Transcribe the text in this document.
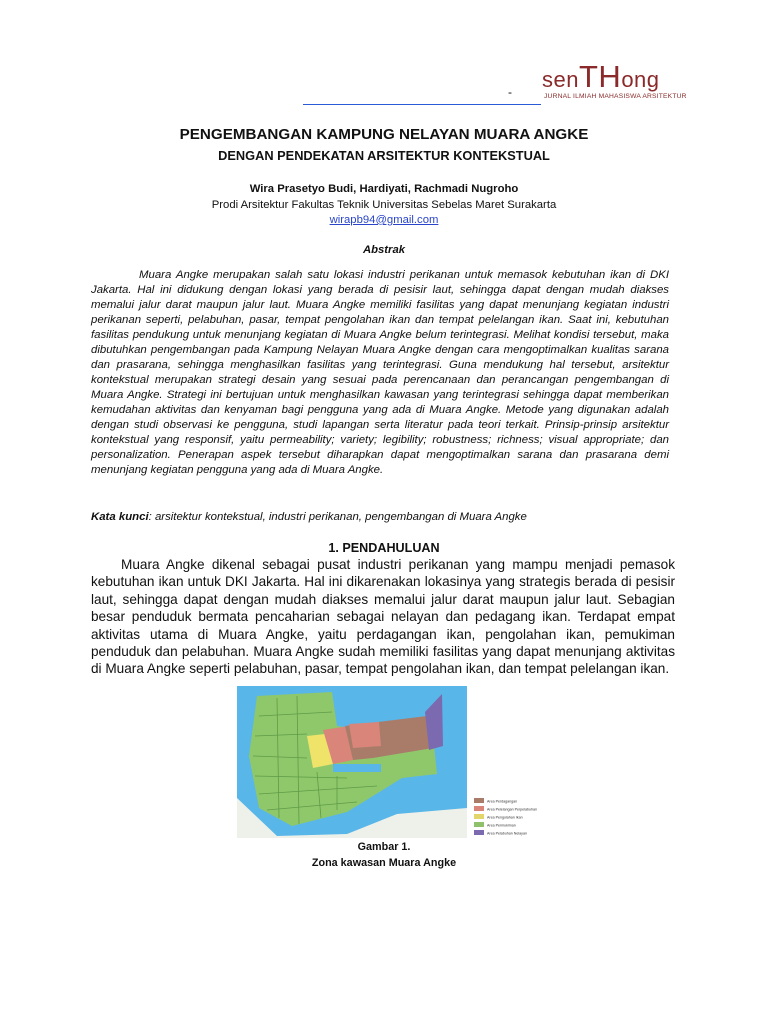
- senTHong
JURNAL ILMIAH MAHASISWA ARSITEKTUR
PENGEMBANGAN KAMPUNG NELAYAN MUARA ANGKE
DENGAN PENDEKATAN ARSITEKTUR KONTEKSTUAL
Wira Prasetyo Budi, Hardiyati, Rachmadi Nugroho
Prodi Arsitektur Fakultas Teknik Universitas Sebelas Maret Surakarta
wirapb94@gmail.com
Abstrak

Muara Angke merupakan salah satu lokasi industri perikanan untuk memasok kebutuhan ikan di DKI Jakarta. Hal ini didukung dengan lokasi yang berada di pesisir laut, sehingga dapat dengan mudah diakses memalui jalur darat maupun jalur laut. Muara Angke memiliki fasilitas yang dapat menunjang kegiatan industri perikanan seperti, pelabuhan, pasar, tempat pengolahan ikan dan tempat pelelangan ikan. Saat ini, kebutuhan fasilitas pendukung untuk menunjang kegiatan di Muara Angke belum terintegrasi. Melihat kondisi tersebut, maka dibutuhkan pengembangan pada Kampung Nelayan Muara Angke dengan cara mengoptimalkan kualitas sarana dan prasarana, sehingga menghasilkan fasilitas yang terintegrasi. Guna mendukung hal tersebut, arsitektur kontekstual merupakan strategi desain yang sesuai pada perencanaan dan perancangan pengembangan di Muara Angke. Strategi ini bertujuan untuk menghasilkan kawasan yang terintegrasi sehingga dapat memberikan kemudahan aktivitas dan kenyaman bagi pengguna yang ada di Muara Angke. Metode yang digunakan adalah dengan studi observasi ke pengguna, studi lapangan serta literatur pada teori terkait. Prinsip-prinsip arsitektur kontekstual yang responsif, yaitu permeability; variety; legibility; robustness; richness; visual appropriate; dan personalization. Penerapan aspek tersebut diharapkan dapat mengoptimalkan sarana dan prasarana demi menunjang kegiatan pengguna yang ada di Muara Angke.

Kata kunci: arsitektur kontekstual, industri perikanan, pengembangan di Muara Angke
1. PENDAHULUAN

Muara Angke dikenal sebagai pusat industri perikanan yang mampu menjadi pemasok kebutuhan ikan untuk DKI Jakarta. Hal ini dikarenakan lokasinya yang strategis berada di pesisir laut, sehingga dapat dengan mudah diakses memalui jalur darat maupun jalur laut. Sebagian besar penduduk bermata pencaharian sebagai nelayan dan pedagang ikan. Terdapat empat aktivitas utama di Muara Angke, yaitu perdagangan ikan, pengolahan ikan, pemukiman penduduk dan pelabuhan. Muara Angke sudah memiliki fasilitas yang dapat menunjang aktivitas di Muara Angke seperti pelabuhan, pasar, tempat pengolahan ikan, dan tempat pelelangan ikan.

Area Perdagangan
Area Pelelangan Perpelabuhan
Area Pengolahan Ikan
Area Permukiman
Area Pelabuhan Nelayan
Gambar 1.
Zona kawasan Muara Angke
